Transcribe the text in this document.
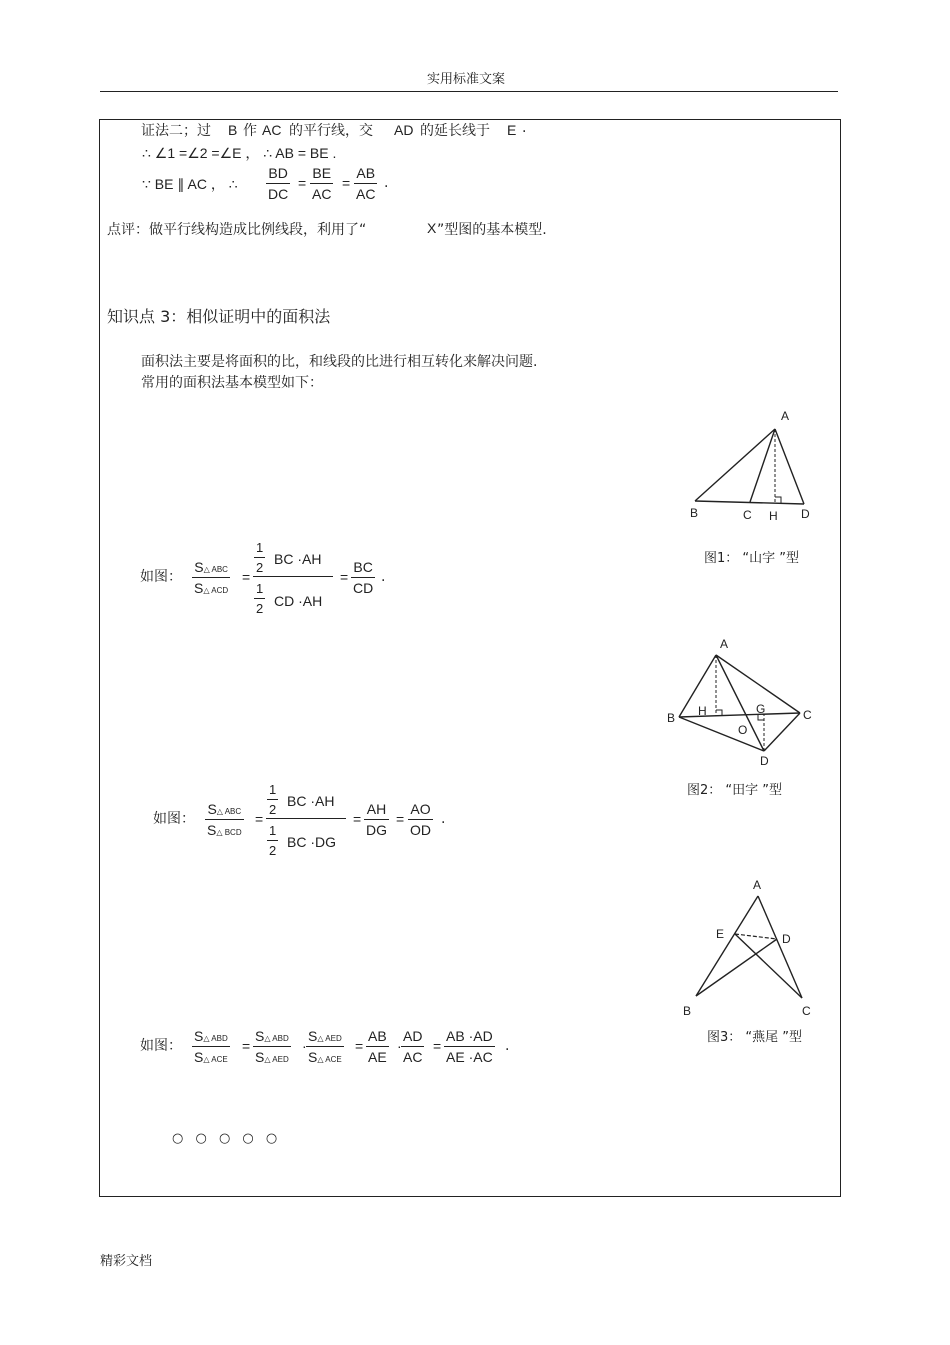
实用标准文案
证法二；过 B 作 AC 的平行线，交 AD 的延长线于 E .
∴ ∠1 =∠2 =∠E ， ∴ AB = BE .
∵ BE ∥ AC ， ∴
BD
DC
=
BE
AC
=
AB
AC
.
点评：做平行线构造成比例线段，利用了“	X ”型图的基本模型.
知识点 3：相似证明中的面积法
面积法主要是将面积的比，和线段的比进行相互转化来解决问题.
常用的面积法基本模型如下：
A
B	C H D
图1： “山字 ”型
如图：
S△ ABC
S△ ACD
=
1
2
BC ·AH
1
2 CD ·AH
=
BC
CD
.
A
B H	G	C
O
D
图2： “田字 ”型
如图：
S△ ABC
S△ BCD
=
1
2
BC ·AH
1
2
BC ·DG
=
AH
DG
=
AO
OD
.
A
E	D
B	C
图3： “燕尾 ”型
如图：
S△ ABD
S△ ACE
=
S△ ABD
S△ AED
·
S△ AED
S△ ACE
=
AB
AE
·
AD
AC
=
AB ·AD
AE ·AC
.
○ ○ ○ ○ ○
精彩文档
